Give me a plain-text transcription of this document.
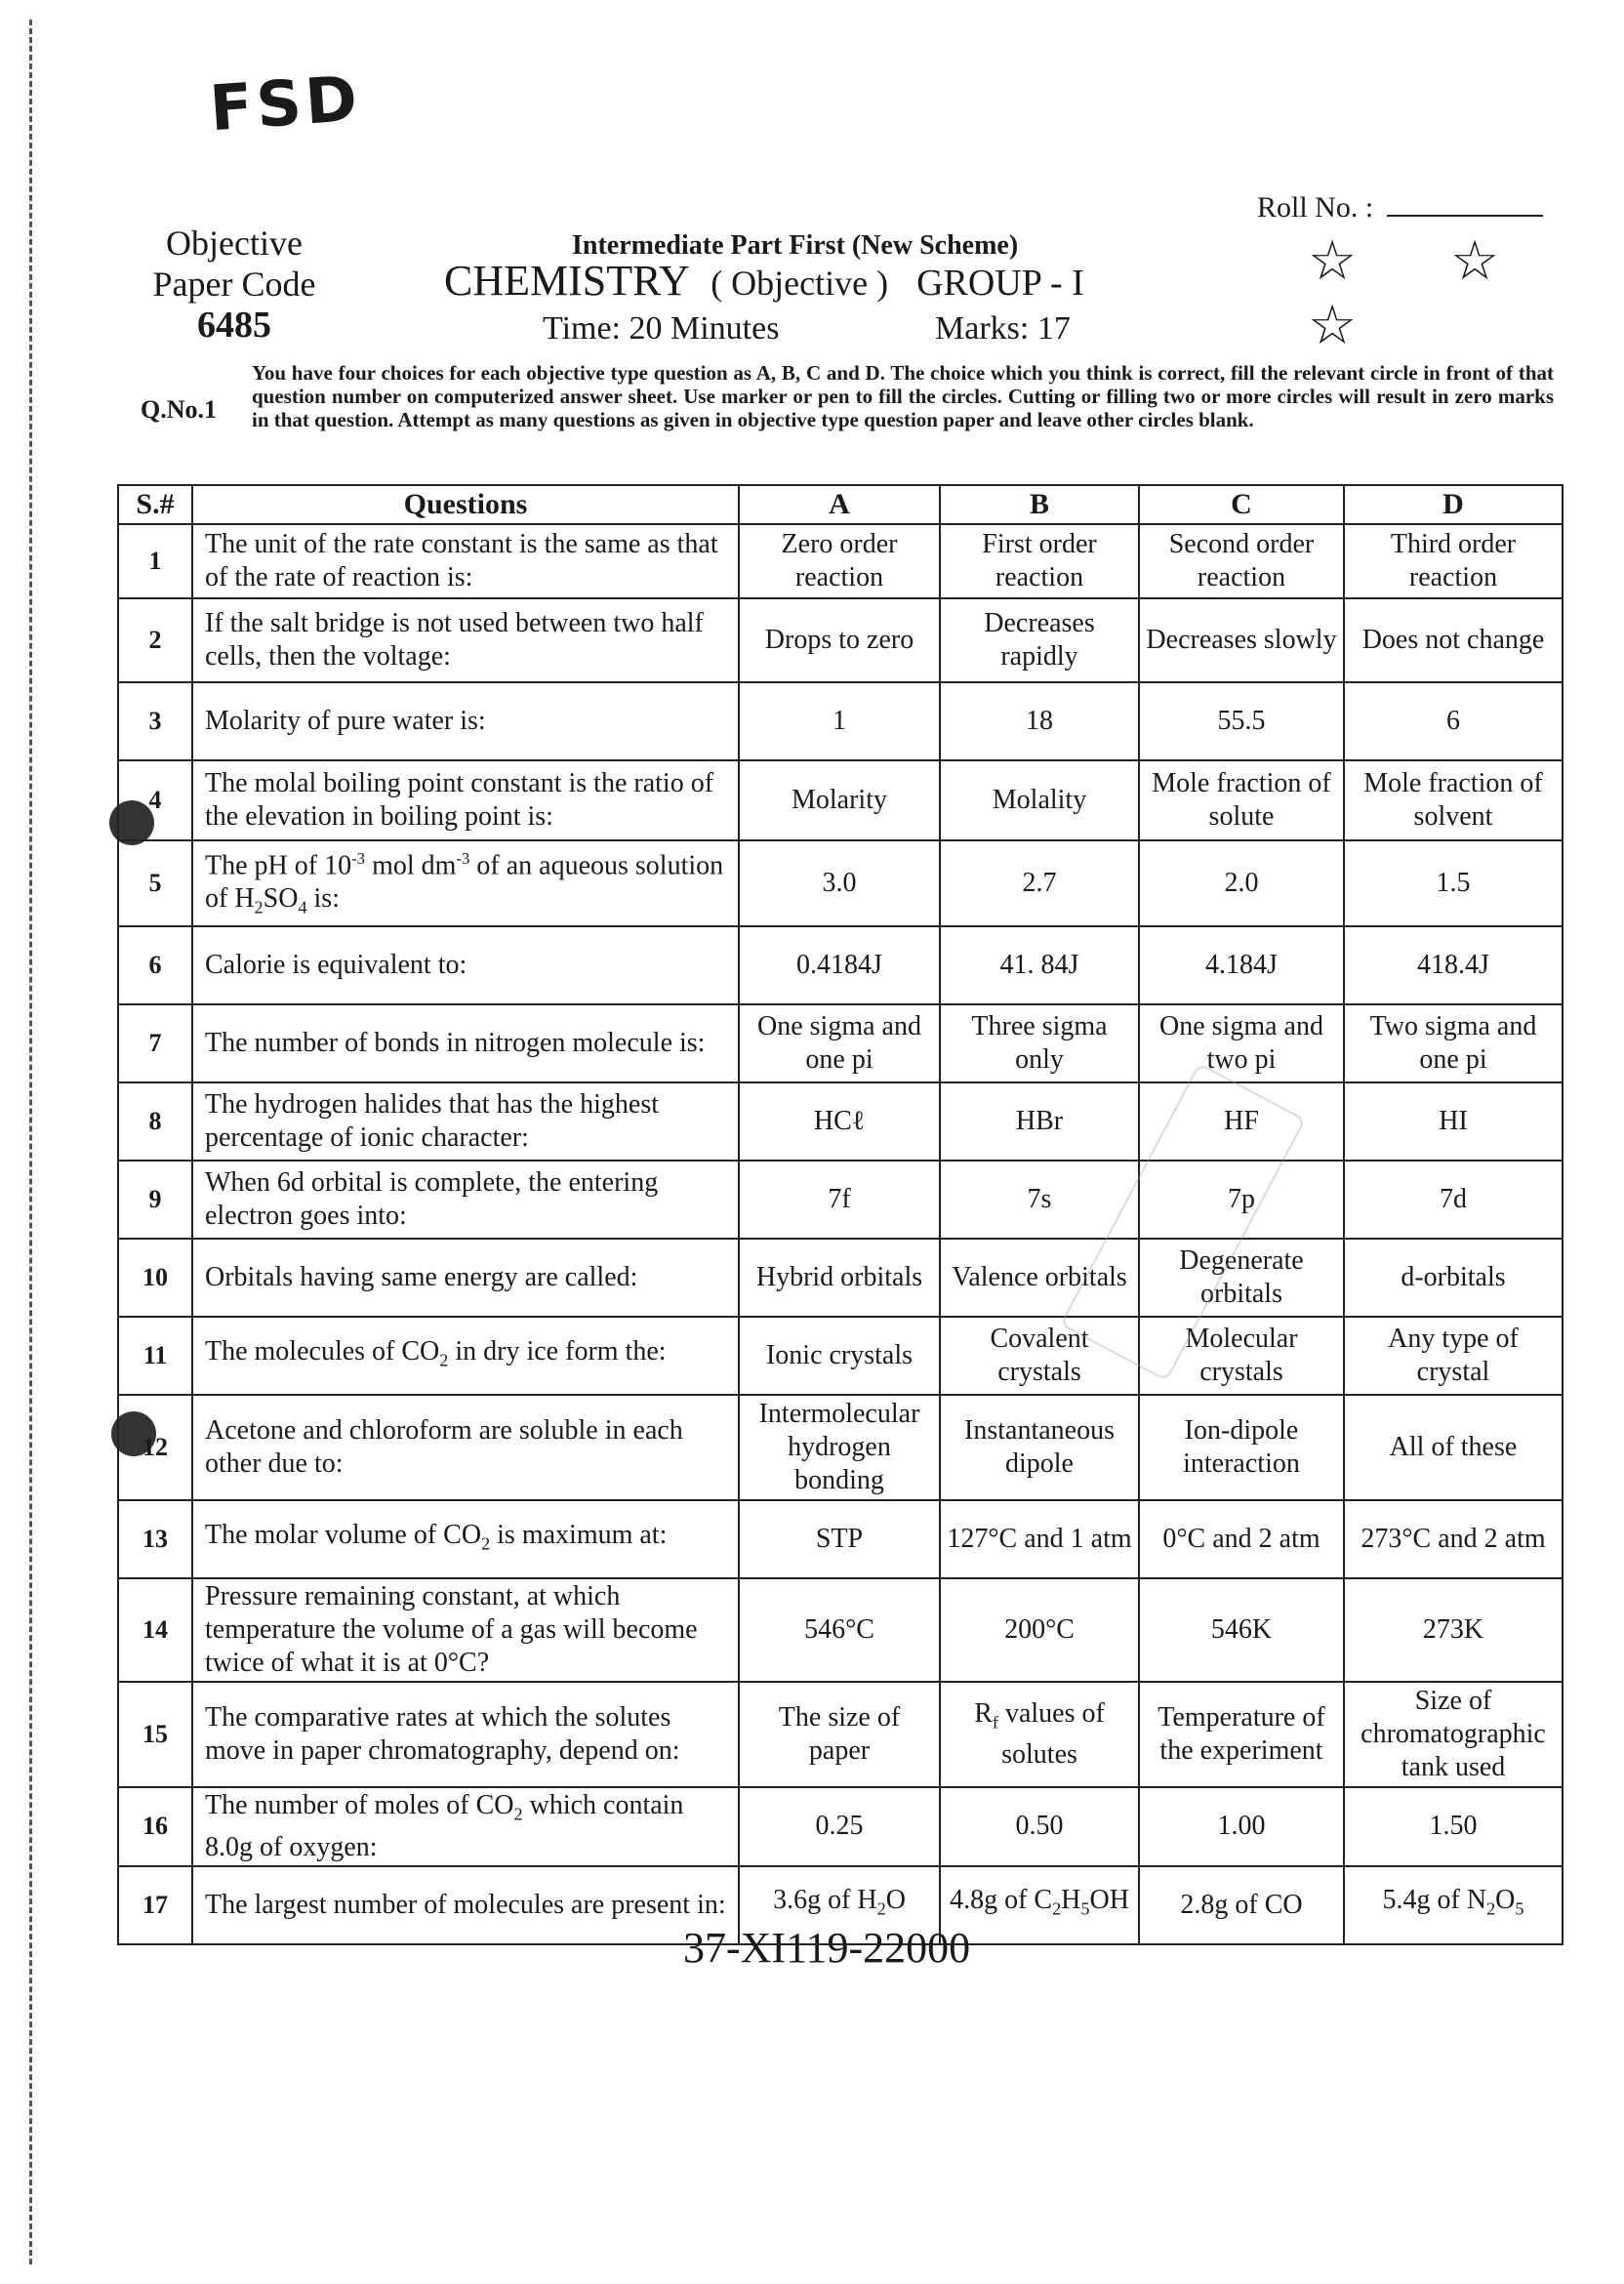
FSD
Roll No. :
Objective
Paper Code
6485
Intermediate Part First (New Scheme)
CHEMISTRY ( Objective ) GROUP - I
Time: 20 Minutes	Marks: 17
☆ ☆
☆
Q.No.1
You have four choices for each objective type question as A, B, C and D. The choice which you think is correct, fill the relevant circle in front of that question number on computerized answer sheet. Use marker or pen to fill the circles. Cutting or filling two or more circles will result in zero marks in that question. Attempt as many questions as given in objective type question paper and leave other circles blank.
S.#	Questions	A	B	C	D
1	The unit of the rate constant is the same as that of the rate of reaction is:	Zero order reaction	First order reaction	Second order reaction	Third order reaction
2	If the salt bridge is not used between two half cells, then the voltage:	Drops to zero	Decreases rapidly	Decreases slowly	Does not change
3	Molarity of pure water is:	1	18	55.5	6
4	The molal boiling point constant is the ratio of the elevation in boiling point is:	Molarity	Molality	Mole fraction of solute	Mole fraction of solvent
5	The pH of $10^{-3}$ mol $dm^{-3}$ of an aqueous solution of $H_2SO_4$ is:	3.0	2.7	2.0	1.5
6	Calorie is equivalent to:	0.4184J	41. 84J	4.184J	418.4J
7	The number of bonds in nitrogen molecule is:	One sigma and one pi	Three sigma only	One sigma and two pi	Two sigma and one pi
8	The hydrogen halides that has the highest percentage of ionic character:	HCℓ	HBr	HF	HI
9	When 6d orbital is complete, the entering electron goes into:	7f	7s	7p	7d
10	Orbitals having same energy are called:	Hybrid orbitals	Valence orbitals	Degenerate orbitals	d-orbitals
11	The molecules of $CO_2$ in dry ice form the:	Ionic crystals	Covalent crystals	Molecular crystals	Any type of crystal
12	Acetone and chloroform are soluble in each other due to:	Intermolecular hydrogen bonding	Instantaneous dipole	Ion-dipole interaction	All of these
13	The molar volume of $CO_2$ is maximum at:	STP	127°C and 1 atm	0°C and 2 atm	273°C and 2 atm
14	Pressure remaining constant, at which temperature the volume of a gas will become twice of what it is at 0°C?	546°C	200°C	546K	273K
15	The comparative rates at which the solutes move in paper chromatography, depend on:	The size of paper	$R_f$ values of solutes	Temperature of the experiment	Size of chromatographic tank used
16	The number of moles of $CO_2$ which contain 8.0g of oxygen:	0.25	0.50	1.00	1.50
17	The largest number of molecules are present in:	3.6g of $H_2O$	4.8g of $C_2H_5OH$	2.8g of CO	5.4g of $N_2O_5$
37-XI119-22000
